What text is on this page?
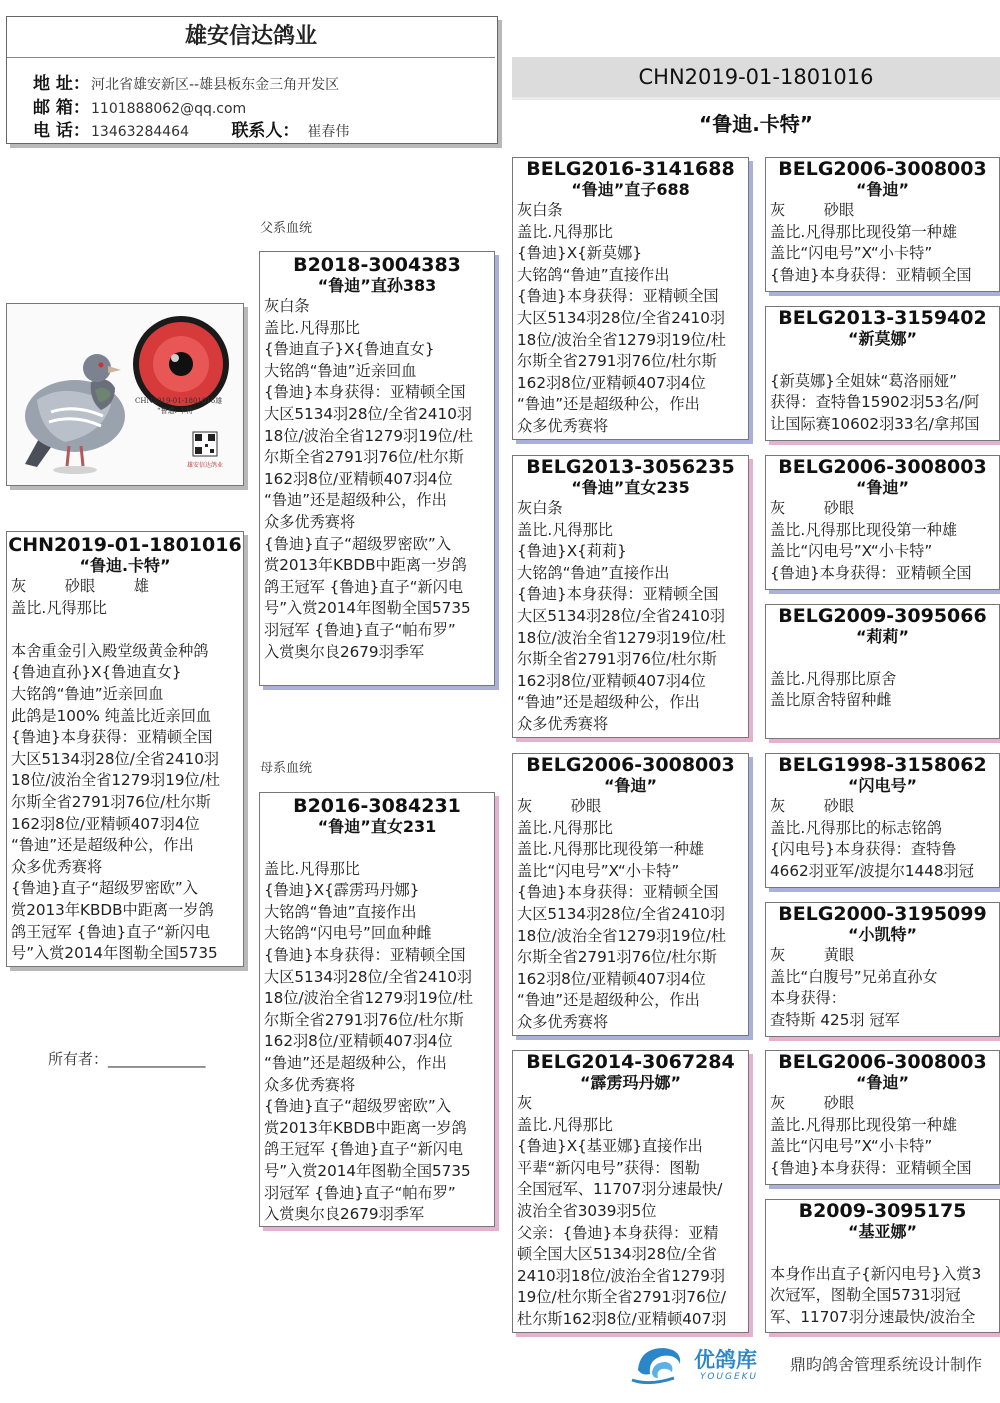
雄安信达鸽业
地 址：河北省雄安新区--雄县板东金三角开发区
邮 箱：1101888062@qq.com
电 话：13463284464 联系人： 崔春伟
CHN2019-01-1801016
“鲁迪.卡特”
父系血统
母系血统
CHN2019-01-1801016雄
“鲁迪. 卡特”
雄安信达鸽业
CHN2019-01-1801016
“鲁迪.卡特”
灰        砂眼        雄
盖比.凡得那比

本舍重金引入殿堂级黄金种鸽
{鲁迪直孙}X{鲁迪直女}
大铭鸽“鲁迪”近亲回血
此鸽是100% 纯盖比近亲回血
{鲁迪}本身获得：亚精顿全国
大区5134羽28位/全省2410羽
18位/波治全省1279羽19位/杜
尔斯全省2791羽76位/杜尔斯
162羽8位/亚精顿407羽4位
“鲁迪”还是超级种公，作出
众多优秀赛将
{鲁迪}直子“超级罗密欧”入
赏2013年KBDB中距离一岁鸽
鸽王冠军 {鲁迪}直子“新闪电
号”入赏2014年图勒全国5735
B2018-3004383
“鲁迪”直孙383
灰白条
盖比.凡得那比
{鲁迪直子}X{鲁迪直女}
大铭鸽“鲁迪”近亲回血
{鲁迪}本身获得：亚精顿全国
大区5134羽28位/全省2410羽
18位/波治全省1279羽19位/杜
尔斯全省2791羽76位/杜尔斯
162羽8位/亚精顿407羽4位
“鲁迪”还是超级种公，作出
众多优秀赛将
{鲁迪}直子“超级罗密欧”入
赏2013年KBDB中距离一岁鸽
鸽王冠军 {鲁迪}直子“新闪电
号”入赏2014年图勒全国5735
羽冠军 {鲁迪}直子“帕布罗”
入赏奥尔良2679羽季军
B2016-3084231
“鲁迪”直女231

盖比.凡得那比
{鲁迪}X{霹雳玛丹娜}
大铭鸽“鲁迪”直接作出
大铭鸽“闪电号”回血种雌
{鲁迪}本身获得：亚精顿全国
大区5134羽28位/全省2410羽
18位/波治全省1279羽19位/杜
尔斯全省2791羽76位/杜尔斯
162羽8位/亚精顿407羽4位
“鲁迪”还是超级种公，作出
众多优秀赛将
{鲁迪}直子“超级罗密欧”入
赏2013年KBDB中距离一岁鸽
鸽王冠军 {鲁迪}直子“新闪电
号”入赏2014年图勒全国5735
羽冠军 {鲁迪}直子“帕布罗”
入赏奥尔良2679羽季军
BELG2016-3141688
“鲁迪”直子688
灰白条
盖比.凡得那比
{鲁迪}X{新莫娜}
大铭鸽“鲁迪”直接作出
{鲁迪}本身获得：亚精顿全国
大区5134羽28位/全省2410羽
18位/波治全省1279羽19位/杜
尔斯全省2791羽76位/杜尔斯
162羽8位/亚精顿407羽4位
“鲁迪”还是超级种公，作出
众多优秀赛将
BELG2013-3056235
“鲁迪”直女235
灰白条
盖比.凡得那比
{鲁迪}X{莉莉}
大铭鸽“鲁迪”直接作出
{鲁迪}本身获得：亚精顿全国
大区5134羽28位/全省2410羽
18位/波治全省1279羽19位/杜
尔斯全省2791羽76位/杜尔斯
162羽8位/亚精顿407羽4位
“鲁迪”还是超级种公，作出
众多优秀赛将
BELG2006-3008003
“鲁迪”
灰        砂眼
盖比.凡得那比
盖比.凡得那比现役第一种雄
盖比“闪电号”X“小卡特”
{鲁迪}本身获得：亚精顿全国
大区5134羽28位/全省2410羽
18位/波治全省1279羽19位/杜
尔斯全省2791羽76位/杜尔斯
162羽8位/亚精顿407羽4位
“鲁迪”还是超级种公，作出
众多优秀赛将
BELG2014-3067284
“霹雳玛丹娜”
灰
盖比.凡得那比
{鲁迪}X{基亚娜}直接作出
平辈“新闪电号”获得：图勒
全国冠军、11707羽分速最快/
波治全省3039羽5位
父亲：{鲁迪}本身获得：亚精
顿全国大区5134羽28位/全省
2410羽18位/波治全省1279羽
19位/杜尔斯全省2791羽76位/
杜尔斯162羽8位/亚精顿407羽
BELG2006-3008003
“鲁迪”
灰        砂眼
盖比.凡得那比现役第一种雄
盖比“闪电号”X“小卡特”
{鲁迪}本身获得：亚精顿全国
BELG2013-3159402
“新莫娜”

{新莫娜}全姐妹“葛洛丽娅”
获得：查特鲁15902羽53名/阿
让国际赛10602羽33名/拿邦国
BELG2006-3008003
“鲁迪”
灰        砂眼
盖比.凡得那比现役第一种雄
盖比“闪电号”X“小卡特”
{鲁迪}本身获得：亚精顿全国
BELG2009-3095066
“莉莉”

盖比.凡得那比原舍
盖比原舍特留种雌
BELG1998-3158062
“闪电号”
灰        砂眼
盖比.凡得那比的标志铭鸽
{闪电号}本身获得：查特鲁
4662羽亚军/波提尔1448羽冠
BELG2000-3195099
“小凯特”
灰        黄眼
盖比“白腹号”兄弟直孙女
本身获得：
查特斯 425羽 冠军
BELG2006-3008003
“鲁迪”
灰        砂眼
盖比.凡得那比现役第一种雄
盖比“闪电号”X“小卡特”
{鲁迪}本身获得：亚精顿全国
B2009-3095175
“基亚娜”

本身作出直子{新闪电号}入赏3
次冠军，图勒全国5731羽冠
军、11707羽分速最快/波治全
所有者：_____________
优鸽库
YOUGEKU
鼎昀鸽舍管理系统设计制作
